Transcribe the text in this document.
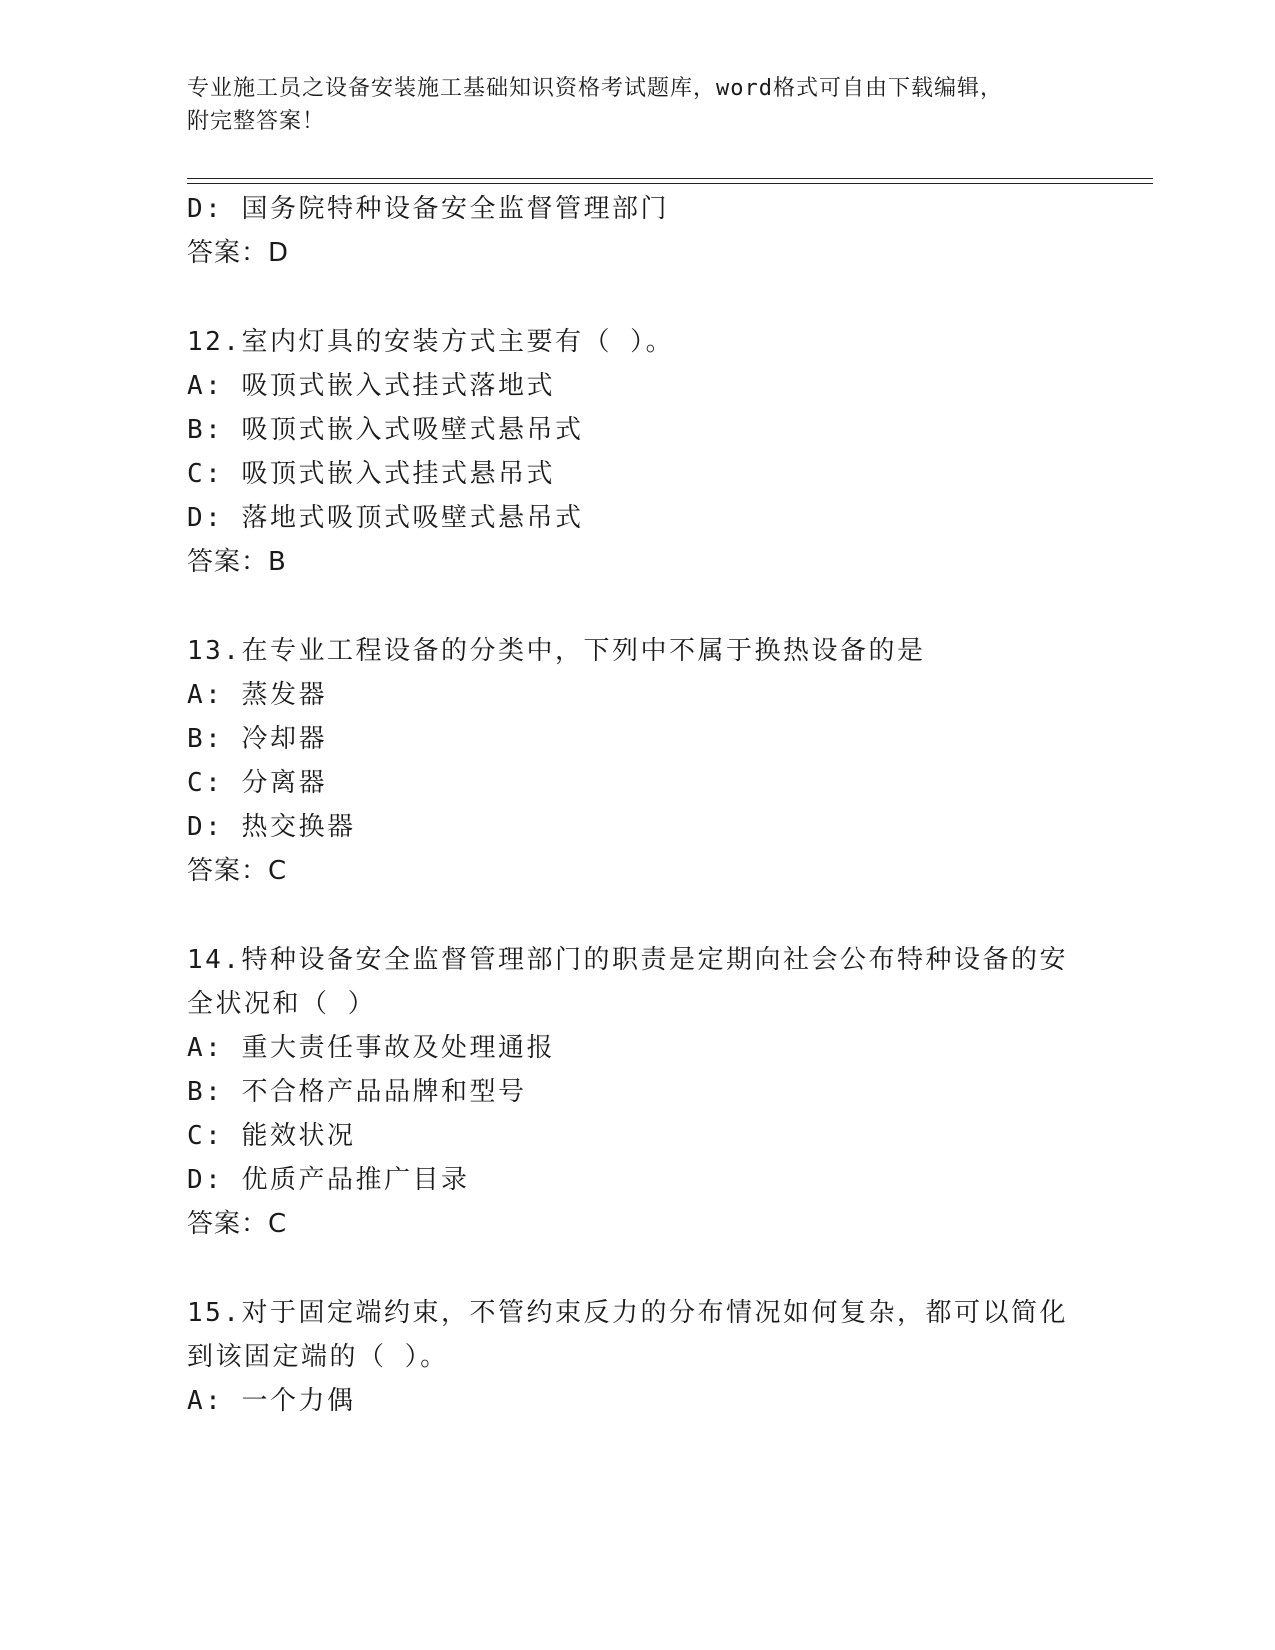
专业施工员之设备安装施工基础知识资格考试题库，word格式可自由下载编辑，
附完整答案！
D: 国务院特种设备安全监督管理部门
答案：D
12.室内灯具的安装方式主要有（ ）。
A: 吸顶式嵌入式挂式落地式
B: 吸顶式嵌入式吸壁式悬吊式
C: 吸顶式嵌入式挂式悬吊式
D: 落地式吸顶式吸壁式悬吊式
答案：B
13.在专业工程设备的分类中，下列中不属于换热设备的是
A: 蒸发器
B: 冷却器
C: 分离器
D: 热交换器
答案：C
14.特种设备安全监督管理部门的职责是定期向社会公布特种设备的安
全状况和（ ）
A: 重大责任事故及处理通报
B: 不合格产品品牌和型号
C: 能效状况
D: 优质产品推广目录
答案：C
15.对于固定端约束，不管约束反力的分布情况如何复杂，都可以简化
到该固定端的（ ）。
A: 一个力偶
